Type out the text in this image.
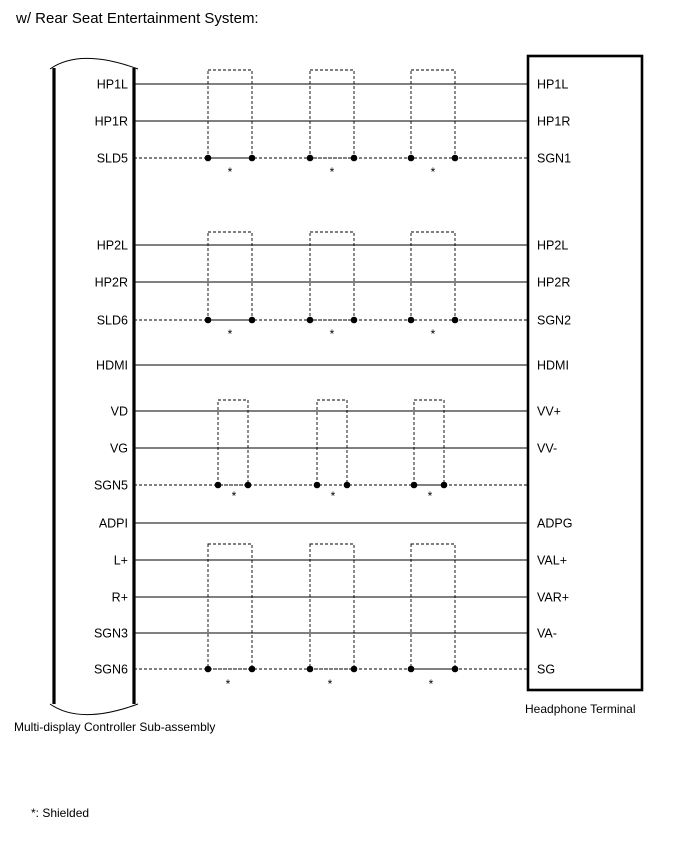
w/ Rear Seat Entertainment System:
HP1L	HP1L
HP1R	HP1R
SLD5	SGN1
HP2L	HP2L
HP2R	HP2R
SLD6	SGN2
HDMI	HDMI
VD	VV+
VG	VV-
SGN5
ADPI	ADPG
L+	VAL+
R+	VAR+
SGN3	VA-
SGN6	SG
*	*	*
*	*	*
*	*	*
*	*	*
Multi-display Controller Sub-assembly
Headphone Terminal
*: Shielded
